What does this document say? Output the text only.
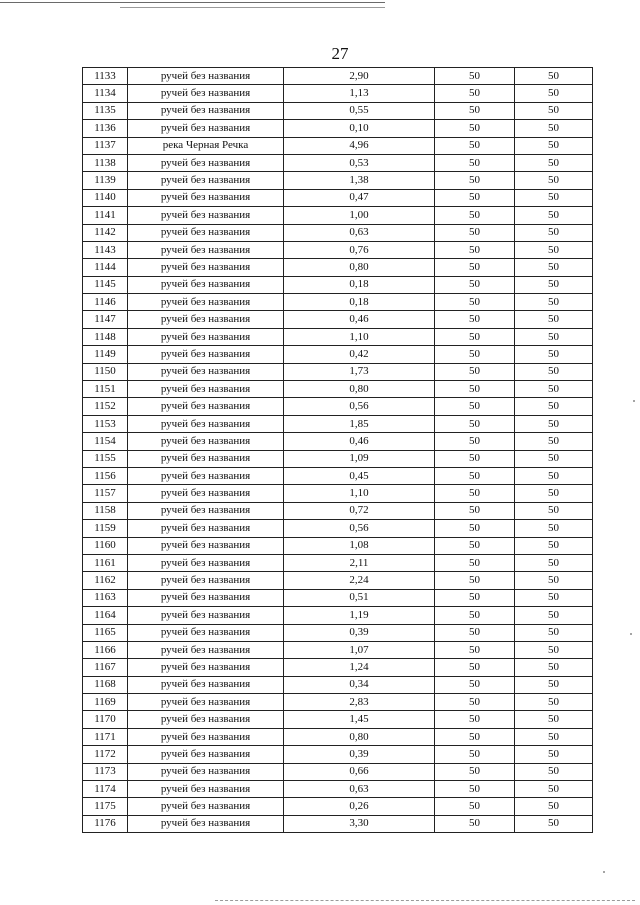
27
1133	ручей без названия	2,90	50	50
1134	ручей без названия	1,13	50	50
1135	ручей без названия	0,55	50	50
1136	ручей без названия	0,10	50	50
1137	река Черная Речка	4,96	50	50
1138	ручей без названия	0,53	50	50
1139	ручей без названия	1,38	50	50
1140	ручей без названия	0,47	50	50
1141	ручей без названия	1,00	50	50
1142	ручей без названия	0,63	50	50
1143	ручей без названия	0,76	50	50
1144	ручей без названия	0,80	50	50
1145	ручей без названия	0,18	50	50
1146	ручей без названия	0,18	50	50
1147	ручей без названия	0,46	50	50
1148	ручей без названия	1,10	50	50
1149	ручей без названия	0,42	50	50
1150	ручей без названия	1,73	50	50
1151	ручей без названия	0,80	50	50
1152	ручей без названия	0,56	50	50
1153	ручей без названия	1,85	50	50
1154	ручей без названия	0,46	50	50
1155	ручей без названия	1,09	50	50
1156	ручей без названия	0,45	50	50
1157	ручей без названия	1,10	50	50
1158	ручей без названия	0,72	50	50
1159	ручей без названия	0,56	50	50
1160	ручей без названия	1,08	50	50
1161	ручей без названия	2,11	50	50
1162	ручей без названия	2,24	50	50
1163	ручей без названия	0,51	50	50
1164	ручей без названия	1,19	50	50
1165	ручей без названия	0,39	50	50
1166	ручей без названия	1,07	50	50
1167	ручей без названия	1,24	50	50
1168	ручей без названия	0,34	50	50
1169	ручей без названия	2,83	50	50
1170	ручей без названия	1,45	50	50
1171	ручей без названия	0,80	50	50
1172	ручей без названия	0,39	50	50
1173	ручей без названия	0,66	50	50
1174	ручей без названия	0,63	50	50
1175	ручей без названия	0,26	50	50
1176	ручей без названия	3,30	50	50
